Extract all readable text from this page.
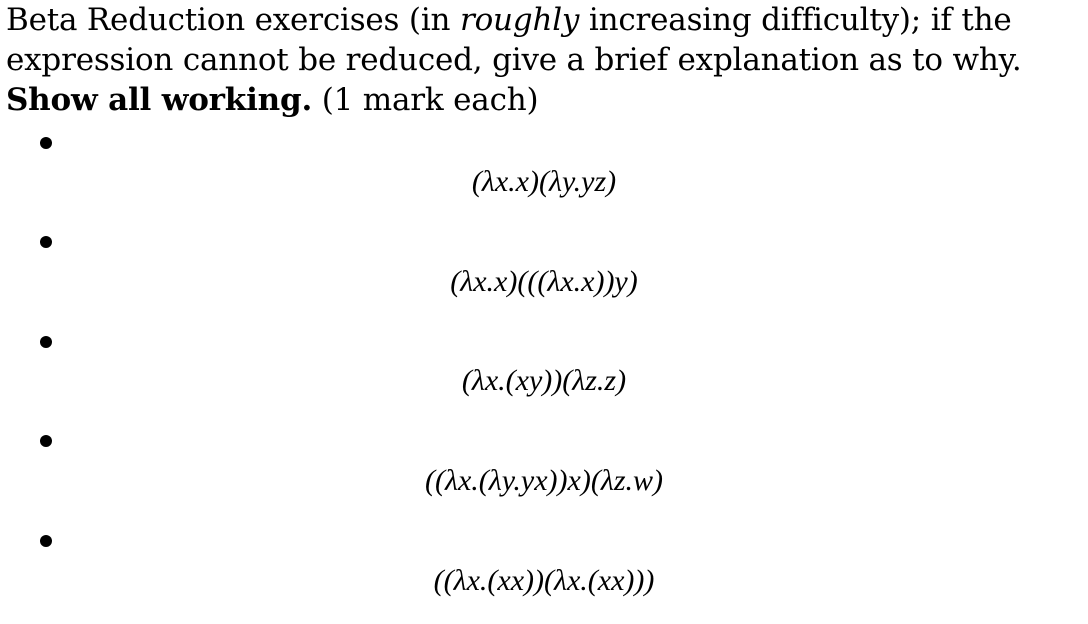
Beta Reduction exercises (in roughly increasing difficulty); if the expression cannot be reduced, give a brief explanation as to why. Show all working. (1 mark each)

(λx.x)(λy.yz)
(λx.x)(((λx.x))y)
(λx.(xy))(λz.z)
((λx.(λy.yx))x)(λz.w)
((λx.(xx))(λx.(xx)))
